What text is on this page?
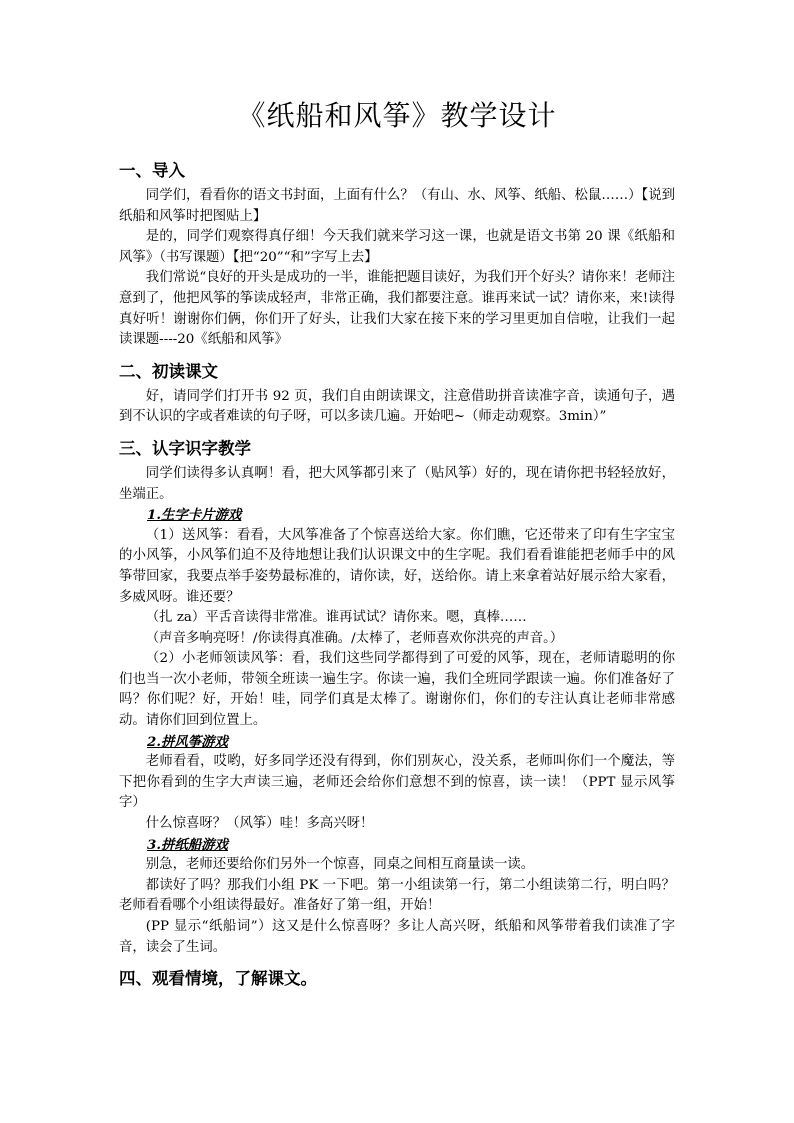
《纸船和风筝》教学设计
一、导入

同学们，看看你的语文书封面，上面有什么？（有山、水、风筝、纸船、松鼠……）【说到纸船和风筝时把图贴上】

是的，同学们观察得真仔细！今天我们就来学习这一课，也就是语文书第 20 课《纸船和风筝》（书写课题）【把“20”“和”字写上去】

我们常说“良好的开头是成功的一半，谁能把题目读好，为我们开个好头？请你来！老师注意到了，他把风筝的筝读成轻声，非常正确，我们都要注意。谁再来试一试？请你来，来!读得真好听！谢谢你们俩，你们开了好头，让我们大家在接下来的学习里更加自信啦，让我们一起读课题----20《纸船和风筝》

二、初读课文

好，请同学们打开书 92 页，我们自由朗读课文，注意借助拼音读准字音，读通句子，遇到不认识的字或者难读的句子呀，可以多读几遍。开始吧~（师走动观察。3min）”

三、认字识字教学

同学们读得多认真啊！看，把大风筝都引来了（贴风筝）好的，现在请你把书轻轻放好，坐端正。

1.生字卡片游戏

（1）送风筝：看看，大风筝准备了个惊喜送给大家。你们瞧，它还带来了印有生字宝宝的小风筝，小风筝们迫不及待地想让我们认识课文中的生字呢。我们看看谁能把老师手中的风筝带回家，我要点举手姿势最标准的，请你读，好，送给你。请上来拿着站好展示给大家看，多威风呀。谁还要？

（扎 za）平舌音读得非常准。谁再试试？请你来。嗯，真棒……

（声音多响亮呀！/你读得真准确。/太棒了，老师喜欢你洪亮的声音。）

（2）小老师领读风筝：看，我们这些同学都得到了可爱的风筝，现在，老师请聪明的你们也当一次小老师，带领全班读一遍生字。你读一遍，我们全班同学跟读一遍。你们准备好了吗？你们呢？好，开始！哇，同学们真是太棒了。谢谢你们，你们的专注认真让老师非常感动。请你们回到位置上。

2.拼风筝游戏

老师看看，哎哟，好多同学还没有得到，你们别灰心，没关系，老师叫你们一个魔法，等下把你看到的生字大声读三遍，老师还会给你们意想不到的惊喜，读一读！（PPT 显示风筝字）

什么惊喜呀？（风筝）哇！多高兴呀！

3.拼纸船游戏

别急，老师还要给你们另外一个惊喜，同桌之间相互商量读一读。

都读好了吗？那我们小组 PK 一下吧。第一小组读第一行，第二小组读第二行，明白吗？老师看看哪个小组读得最好。准备好了第一组，开始！

(PP 显示“纸船词”）这又是什么惊喜呀？多让人高兴呀，纸船和风筝带着我们读准了字音，读会了生词。

四、观看情境，了解课文。
